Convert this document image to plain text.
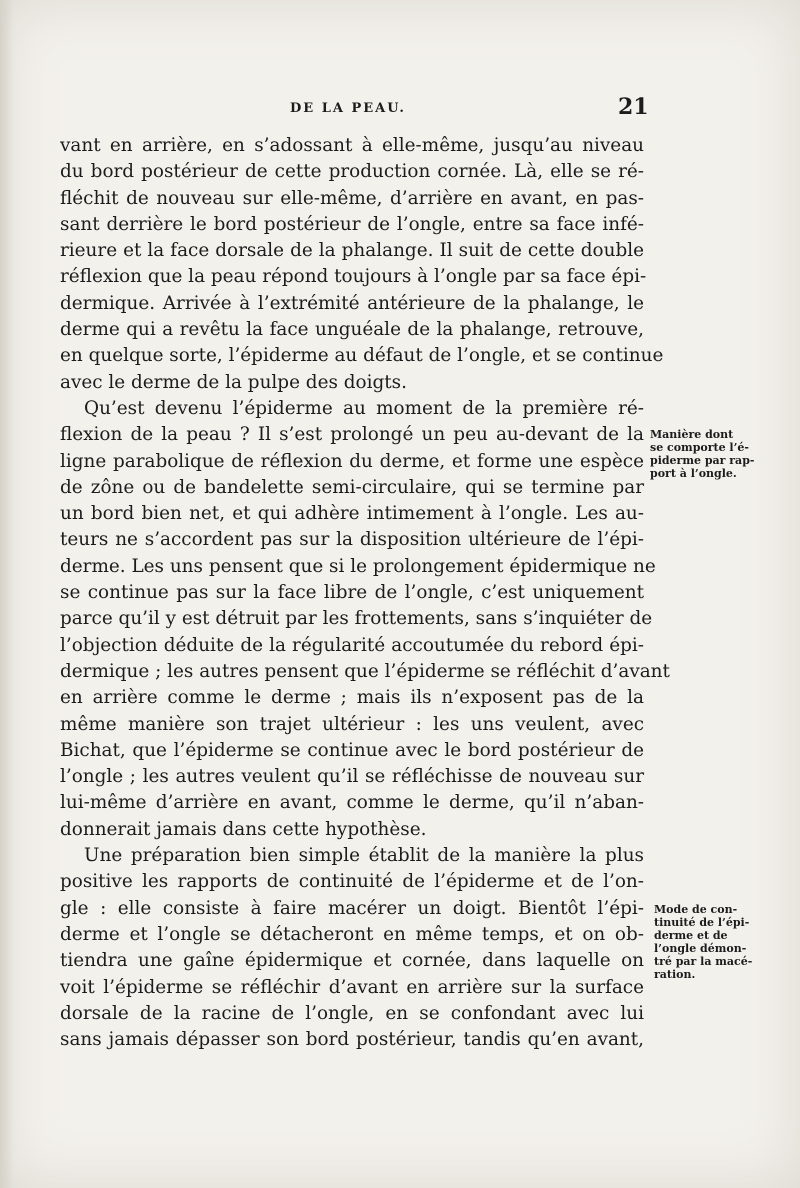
DE LA PEAU.	21
vant en arrière, en s’adossant à elle-même, jusqu’au niveau
du bord postérieur de cette production cornée. Là, elle se ré-
fléchit de nouveau sur elle-même, d’arrière en avant, en pas-
sant derrière le bord postérieur de l’ongle, entre sa face infé-
rieure et la face dorsale de la phalange. Il suit de cette double
réflexion que la peau répond toujours à l’ongle par sa face épi-
dermique. Arrivée à l’extrémité antérieure de la phalange, le
derme qui a revêtu la face unguéale de la phalange, retrouve,
en quelque sorte, l’épiderme au défaut de l’ongle, et se continue
avec le derme de la pulpe des doigts.
Qu’est devenu l’épiderme au moment de la première ré-
flexion de la peau ? Il s’est prolongé un peu au-devant de la
ligne parabolique de réflexion du derme, et forme une espèce
de zône ou de bandelette semi-circulaire, qui se termine par
un bord bien net, et qui adhère intimement à l’ongle. Les au-
teurs ne s’accordent pas sur la disposition ultérieure de l’épi-
derme. Les uns pensent que si le prolongement épidermique ne
se continue pas sur la face libre de l’ongle, c’est uniquement
parce qu’il y est détruit par les frottements, sans s’inquiéter de
l’objection déduite de la régularité accoutumée du rebord épi-
dermique ; les autres pensent que l’épiderme se réfléchit d’avant
en arrière comme le derme ; mais ils n’exposent pas de la
même manière son trajet ultérieur : les uns veulent, avec
Bichat, que l’épiderme se continue avec le bord postérieur de
l’ongle ; les autres veulent qu’il se réfléchisse de nouveau sur
lui-même d’arrière en avant, comme le derme, qu’il n’aban-
donnerait jamais dans cette hypothèse.
Une préparation bien simple établit de la manière la plus
positive les rapports de continuité de l’épiderme et de l’on-
gle : elle consiste à faire macérer un doigt. Bientôt l’épi-
derme et l’ongle se détacheront en même temps, et on ob-
tiendra une gaîne épidermique et cornée, dans laquelle on
voit l’épiderme se réfléchir d’avant en arrière sur la surface
dorsale de la racine de l’ongle, en se confondant avec lui
sans jamais dépasser son bord postérieur, tandis qu’en avant,
Manière dont
se comporte l’é-
piderme par rap-
port à l’ongle.
Mode de con-
tinuité de l’épi-
derme et de
l’ongle démon-
tré par la macé-
ration.
